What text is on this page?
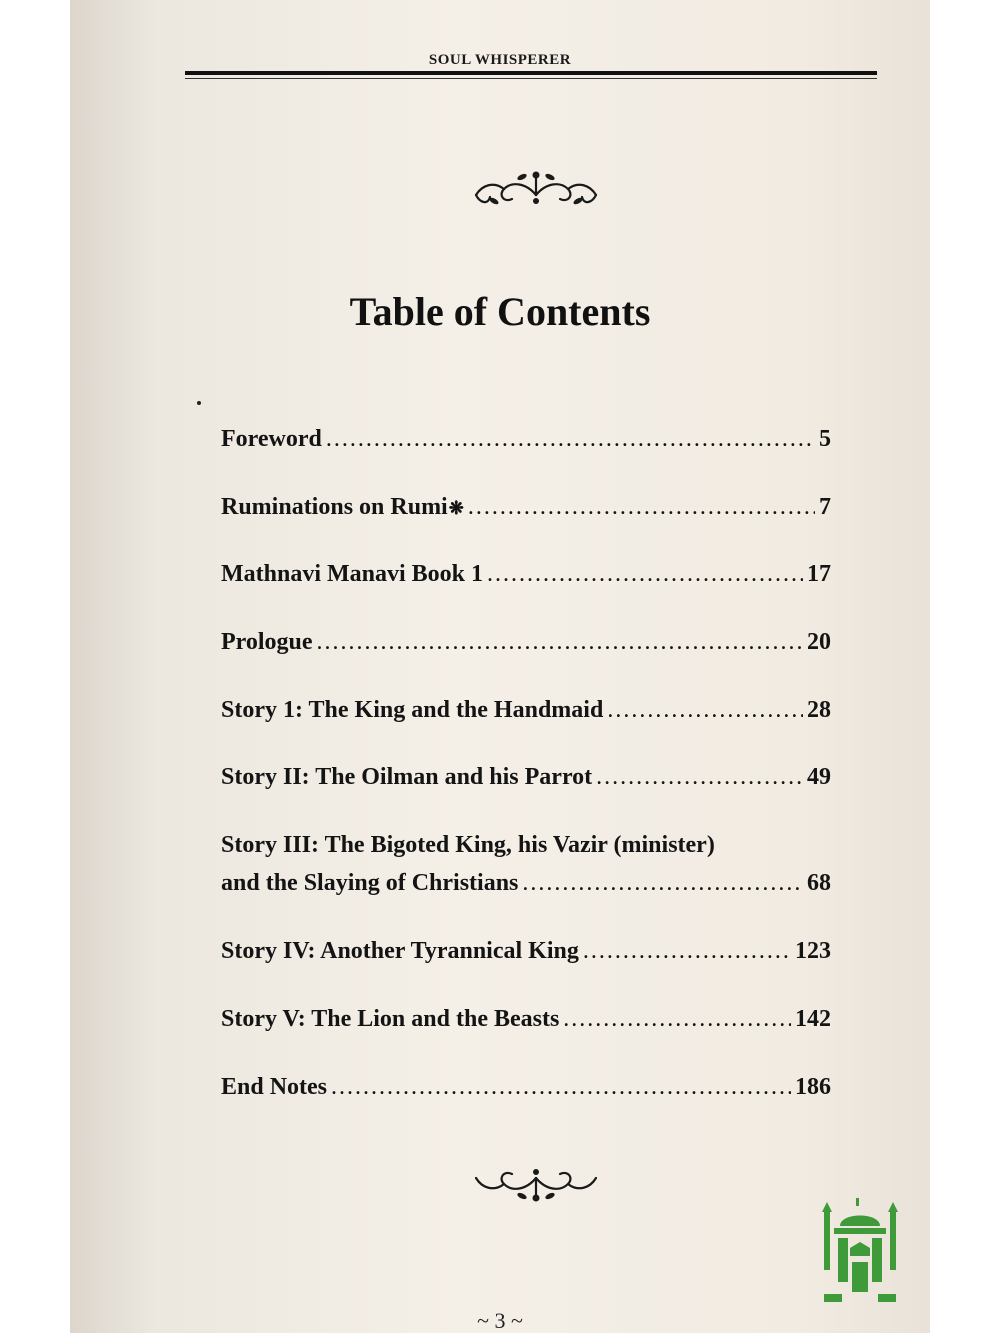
SOUL WHISPERER
Table of Contents
Foreword .....	5
Ruminations on Rumi ❋ .....	7
Mathnavi Manavi Book 1 .....	17
Prologue .....	20
Story 1: The King and the Handmaid .....	28
Story II: The Oilman and his Parrot .....	49
Story III: The Bigoted King, his Vazir (minister)
and the Slaying of Christians .....	68
Story IV: Another Tyrannical King .....	123
Story V: The Lion and the Beasts .....	142
End Notes .....	186
~ 3 ~
